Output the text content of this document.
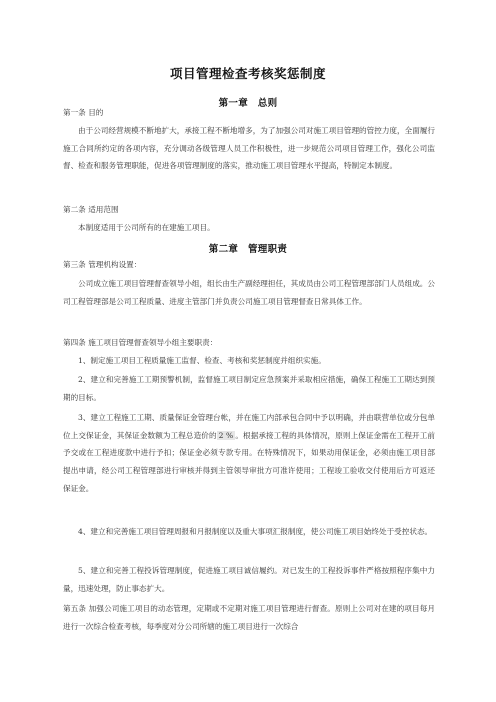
项目管理检查考核奖惩制度
第一章　总则

第一条 目的

由于公司经营规模不断地扩大，承接工程不断地增多，为了加强公司对施工项目管理的管控力度，全面履行施工合同所约定的各项内容，充分调动各级管理人员工作积极性，进一步规范公司项目管理工作，强化公司监督、检查和服务管理职能，促进各项管理制度的落实，推动施工项目管理水平提高，特制定本制度。

第二条 适用范围

本制度适用于公司所有的在建施工项目。

第二章　管理职责

第三条 管理机构设置：

公司成立施工项目管理督查领导小组，组长由生产副经理担任，其成员由公司工程管理部部门人员组成。公司工程管理部是公司工程质量、进度主管部门并负责公司施工项目管理督查日常具体工作。

第四条 施工项目管理督查领导小组主要职责：

1、制定施工项目工程质量施工监督、检查、考核和奖惩制度并组织实施。

2、建立和完善施工工期预警机制，监督施工项目制定应急预案并采取相应措施，确保工程施工工期达到预期的目标。

3、建立工程施工工期、质量保证金管理台帐，并在施工内部承包合同中予以明确，并由联营单位或分包单位上交保证金，其保证金数额为工程总造价的 2 % 。根据承接工程的具体情况，原则上保证金需在工程开工前予交或在工程进度款中进行予扣；保证金必须专款专用。在特殊情况下，如果动用保证金，必须由施工项目部提出申请，经公司工程管理部进行审核并得到主管领导审批方可准许使用；工程竣工验收交付使用后方可返还保证金。

4、建立和完善施工项目管理周报和月报制度以及重大事项汇报制度，使公司施工项目始终处于受控状态。

5、建立和完善工程投诉管理制度，促进施工项目诚信履约。对已发生的工程投诉事件严格按照程序集中力量，迅速处理，防止事态扩大。

第五条 加强公司施工项目的动态管理，定期或不定期对施工项目管理进行督查。原则上公司对在建的项目每月进行一次综合检查考核，每季度对分公司所辖的施工项目进行一次综合
